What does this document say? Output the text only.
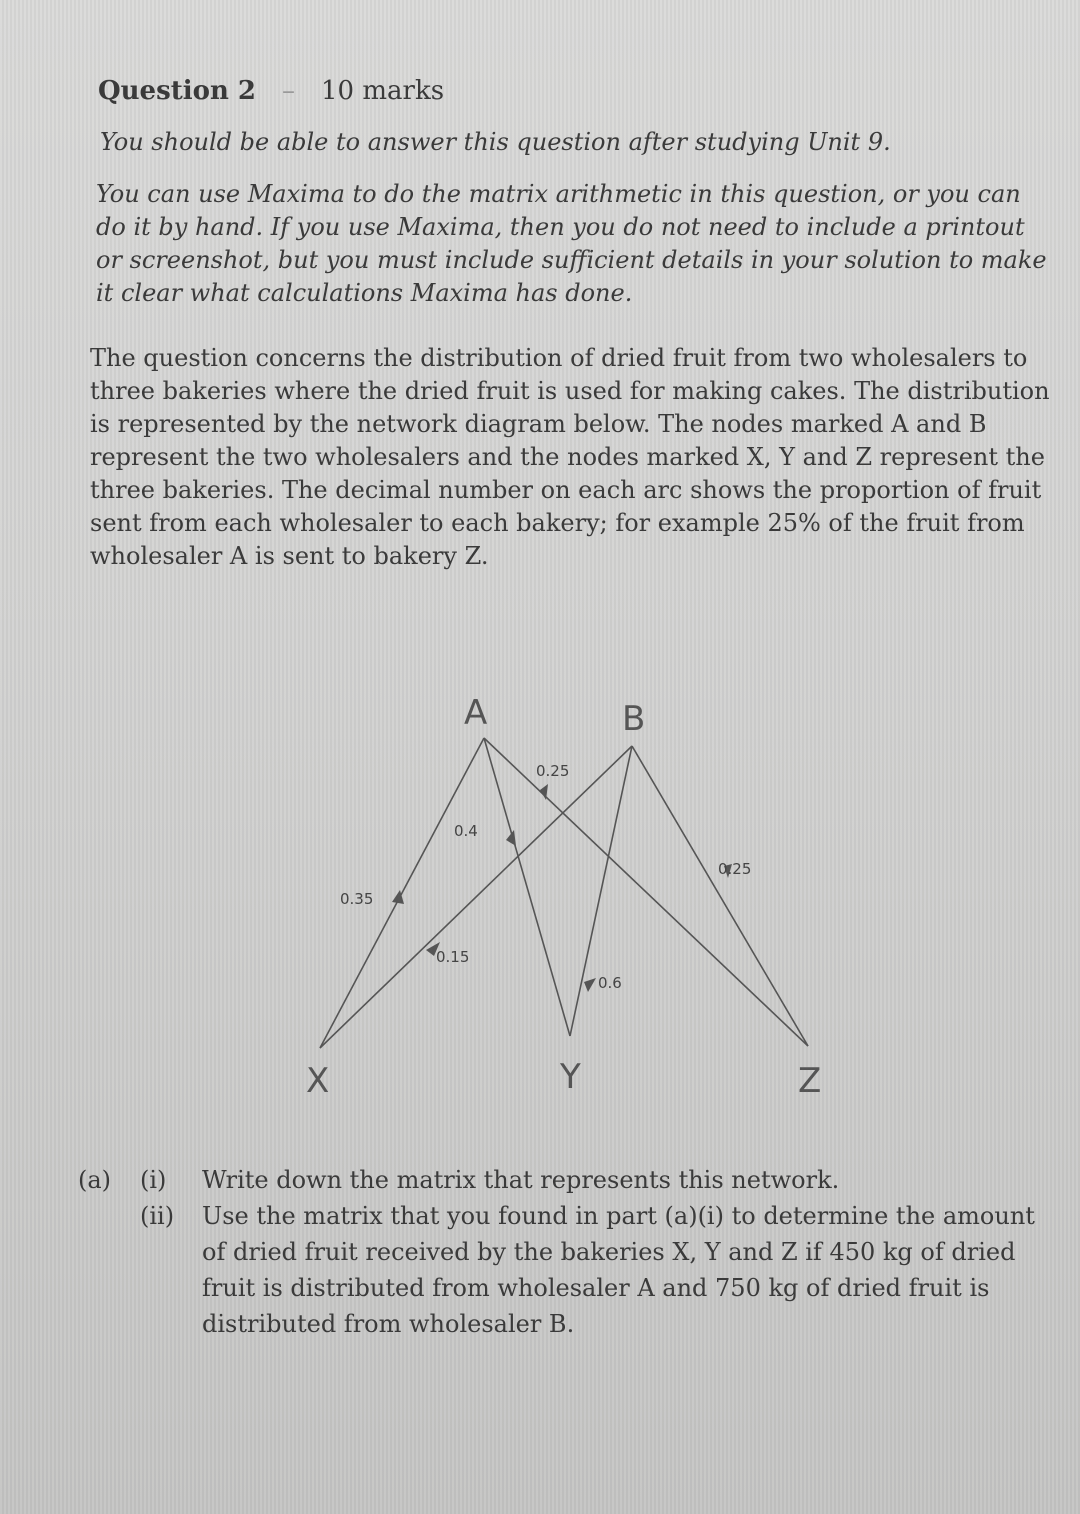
Question 2 – 10 marks
You should be able to answer this question after studying Unit 9.
You can use Maxima to do the matrix arithmetic in this question, or you can do it by hand. If you use Maxima, then you do not need to include a printout or screenshot, but you must include sufficient details in your solution to make it clear what calculations Maxima has done.
The question concerns the distribution of dried fruit from two wholesalers to three bakeries where the dried fruit is used for making cakes. The distribution is represented by the network diagram below. The nodes marked A and B represent the two wholesalers and the nodes marked X, Y and Z represent the three bakeries. The decimal number on each arc shows the proportion of fruit sent from each wholesaler to each bakery; for example 25% of the fruit from wholesaler A is sent to bakery Z.
A	B
X	Y	Z
0.35
0.4
0.25
0.15
0.6
0.25
(a)	(i)	Write down the matrix that represents this network.
(ii)	Use the matrix that you found in part (a)(i) to determine the amount of dried fruit received by the bakeries X, Y and Z if 450 kg of dried fruit is distributed from wholesaler A and 750 kg of dried fruit is distributed from wholesaler B.
